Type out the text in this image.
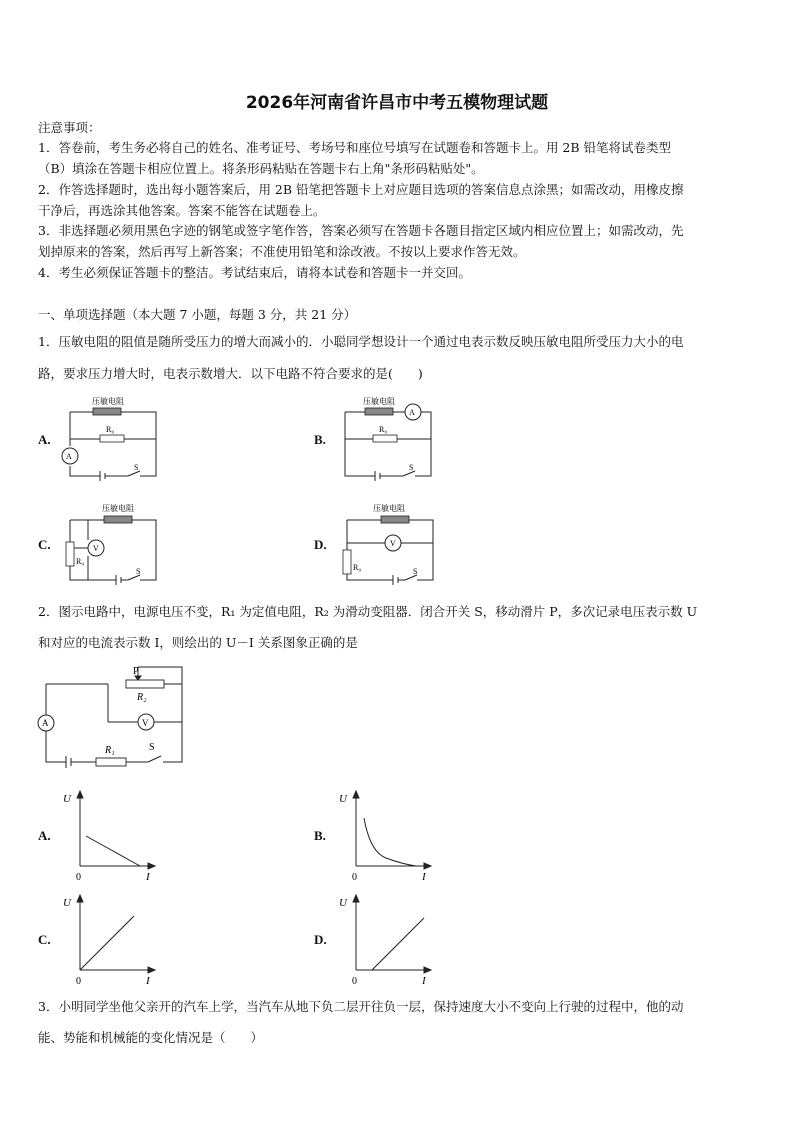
2026年河南省许昌市中考五模物理试题
注意事项：
1．答卷前，考生务必将自己的姓名、准考证号、考场号和座位号填写在试题卷和答题卡上。用 2B 铅笔将试卷类型
（B）填涂在答题卡相应位置上。将条形码粘贴在答题卡右上角"条形码粘贴处"。
2．作答选择题时，选出每小题答案后，用 2B 铅笔把答题卡上对应题目选项的答案信息点涂黑；如需改动，用橡皮擦
干净后，再选涂其他答案。答案不能答在试题卷上。
3．非选择题必须用黑色字迹的钢笔或签字笔作答，答案必须写在答题卡各题目指定区域内相应位置上；如需改动，先
划掉原来的答案，然后再写上新答案；不准使用铅笔和涂改液。不按以上要求作答无效。
4．考生必须保证答题卡的整洁。考试结束后，请将本试卷和答题卡一并交回。
一、单项选择题（本大题 7 小题，每题 3 分，共 21 分）
1．压敏电阻的阻值是随所受压力的增大而减小的．小聪同学想设计一个通过电表示数反映压敏电阻所受压力大小的电
路，要求压力增大时，电表示数增大．以下电路不符合要求的是(　　)
A.	B.
C.	D.
压敏电阻
R₀
A
S
压敏电阻
R₀
A
S
压敏电阻
R₀
V
S
压敏电阻
R₀
V
S
2．图示电路中，电源电压不变，R₁ 为定值电阻，R₂ 为滑动变阻器．闭合开关 S，移动滑片 P，多次记录电压表示数 U
和对应的电流表示数 I，则绘出的 U－I 关系图象正确的是
P
R₂
R₁	S
A	V
A.	B.
C.	D.
U
I
0
U
I
0
U
I
0
U
I
0
3．小明同学坐他父亲开的汽车上学，当汽车从地下负二层开往负一层，保持速度大小不变向上行驶的过程中，他的动
能、势能和机械能的变化情况是（　　）
